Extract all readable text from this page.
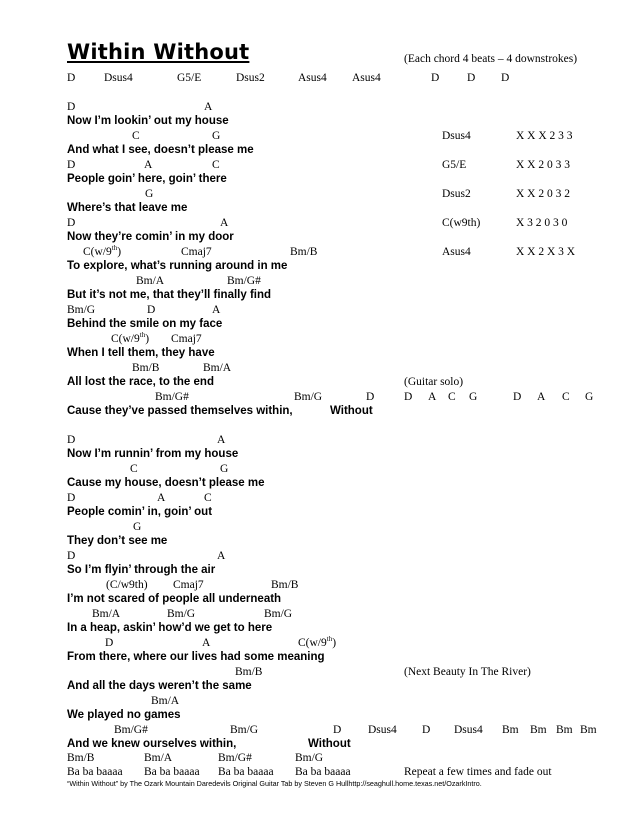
Within Without	(Each chord 4 beats – 4 downstrokes)
D Dsus4	G5/E	Dsus2	Asus4 Asus4	D D D
Dsus4	X X X 2 3 3
G5/E	X X 2 0 3 3
Dsus2	X X 2 0 3 2
C(w9th)	X 3 2 0 3 0
Asus4	X X 2 X 3 X
D	A
Now I’m lookin’ out my house
C	G
And what I see, doesn’t please me
D	A	C
People goin’ here, goin’ there
G
Where’s that leave me
D	A
Now they’re comin’ in my door
C(w/9th)	Cmaj7	Bm/B
To explore, what’s running around in me
Bm/A	Bm/G#
But it’s not me, that they’ll finally find
Bm/G	D	A
Behind the smile on my face
C(w/9th) Cmaj7
When I tell them, they have
Bm/B	Bm/A
All lost the race, to the end
Bm/G#	Bm/G	D
Cause they’ve passed themselves within,	Without
(Guitar solo)
D A C G	D A C G
D	A
Now I’m runnin’ from my house
C	G
Cause my house, doesn’t please me
D	A	C
People comin’ in, goin’ out
G
They don’t see me
D	A
So I’m flyin’ through the air
(C/w9th) Cmaj7	Bm/B
I’m not scared of people all underneath
Bm/A	Bm/G	Bm/G
In a heap, askin’ how’d we get to here
D	A	C(w/9th)
From there, where our lives had some meaning
Bm/B
And all the days weren’t the same
Bm/A
We played no games
Bm/G#	Bm/G	D
And we knew ourselves within,	Without
(Next Beauty In The River)
Dsus4 D Dsus4 Bm Bm Bm Bm
Bm/B	Bm/A	Bm/G#	Bm/G
Ba ba baaaa Ba ba baaaa Ba ba baaaa Ba ba baaaa	Repeat a few times and fade out
“Within Without” by The Ozark Mountain Daredevils Original Guitar Tab by Steven G Hullhttp://seaghull.home.texas.net/OzarkIntro.
